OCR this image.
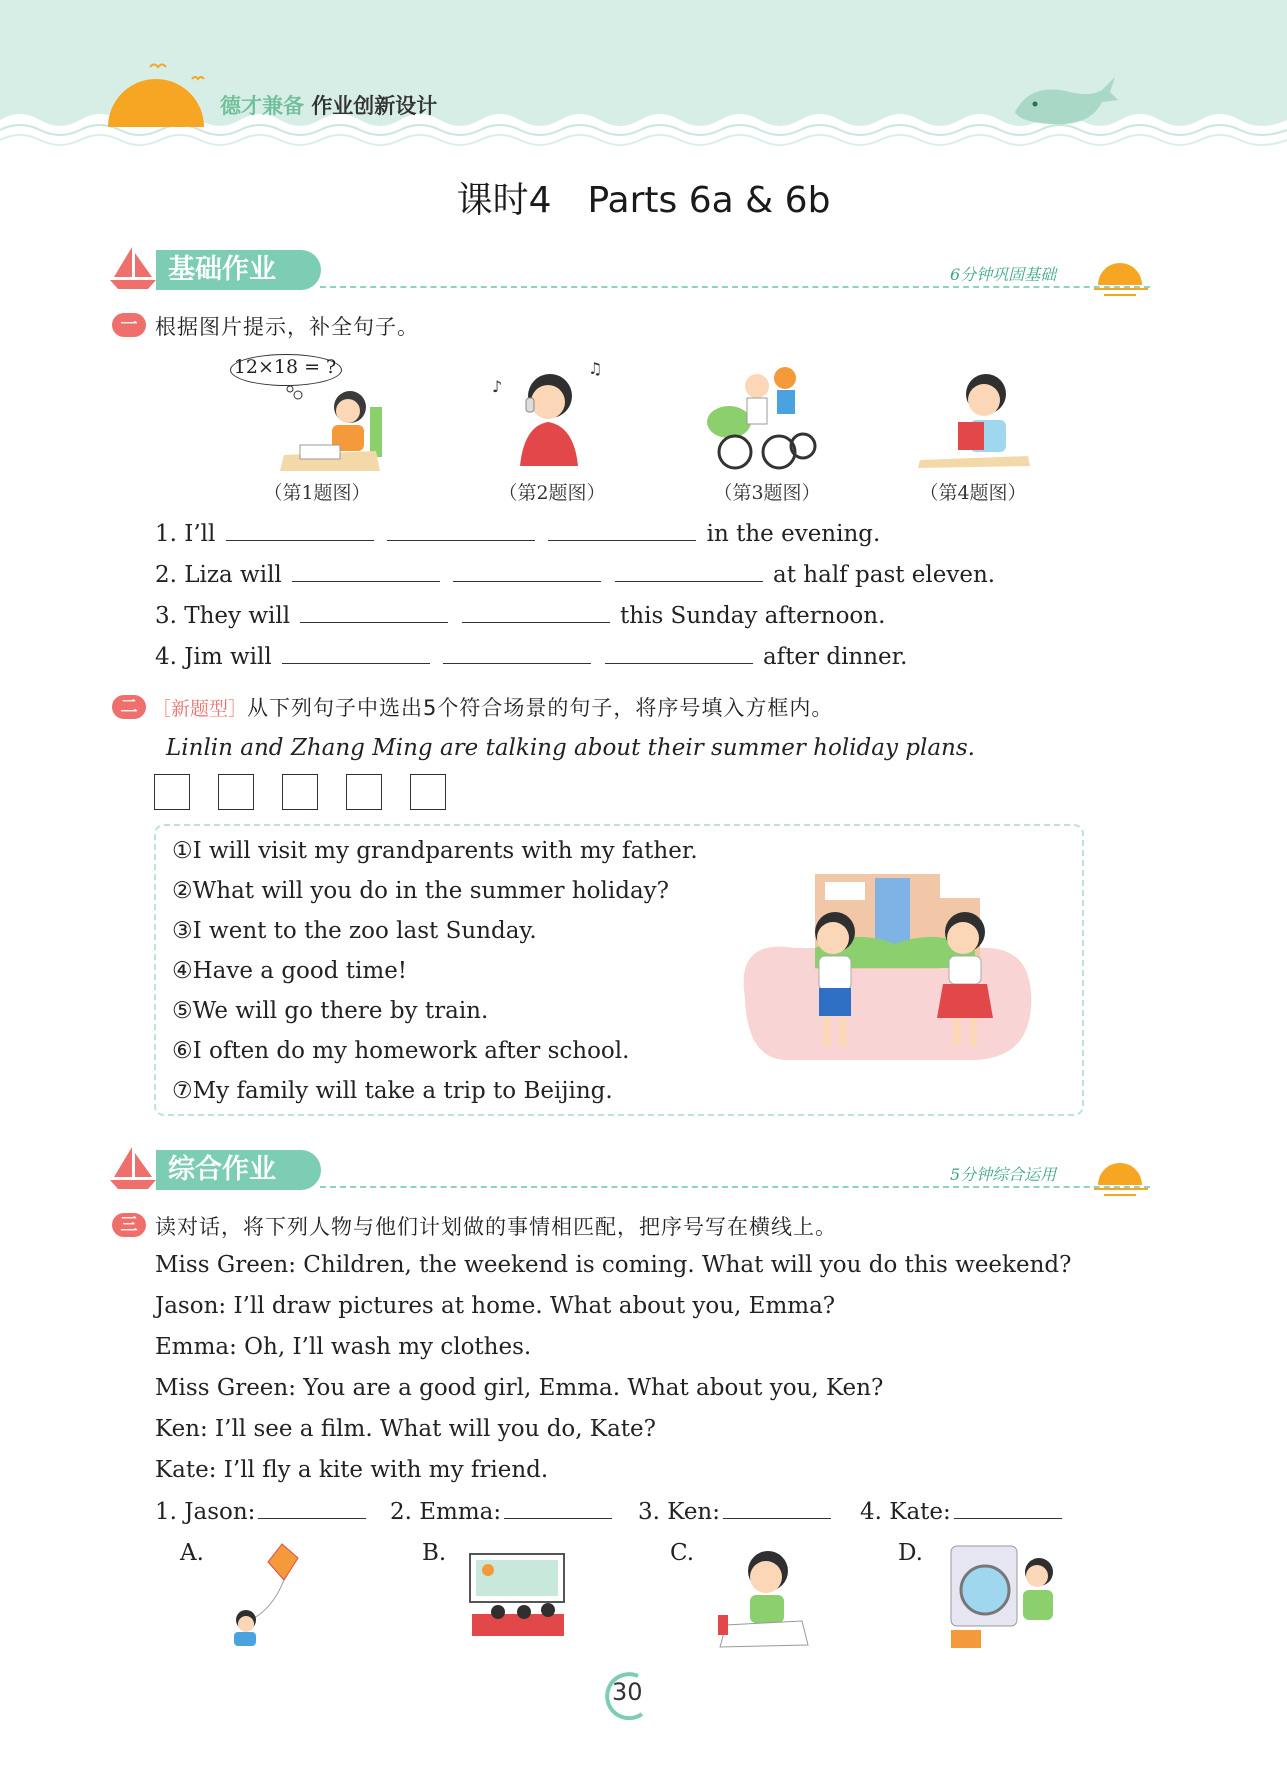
德才兼备 作业创新设计
课时4　Parts 6a & 6b
基础作业	6分钟巩固基础
一 根据图片提示，补全句子。
12×18 = ?
（第1题图）
♪
♫
（第2题图）	（第3题图）	（第4题图）
1. I’ll	in the evening.
2. Liza will	at half past eleven.
3. They will	this Sunday afternoon.
4. Jim will	after dinner.
二 ［新题型］从下列句子中选出5个符合场景的句子，将序号填入方框内。
Linlin and Zhang Ming are talking about their summer holiday plans.
①I will visit my grandparents with my father.
②What will you do in the summer holiday?
③I went to the zoo last Sunday.
④Have a good time!
⑤We will go there by train.
⑥I often do my homework after school.
⑦My family will take a trip to Beijing.
综合作业	5分钟综合运用
三 读对话，将下列人物与他们计划做的事情相匹配，把序号写在横线上。
Miss Green: Children, the weekend is coming. What will you do this weekend?
Jason: I’ll draw pictures at home. What about you, Emma?
Emma: Oh, I’ll wash my clothes.
Miss Green: You are a good girl, Emma. What about you, Ken?
Ken: I’ll see a film. What will you do, Kate?
Kate: I’ll fly a kite with my friend.
1. Jason:	2. Emma:	3. Ken:	4. Kate:
A.	B.	C.	D.
30
